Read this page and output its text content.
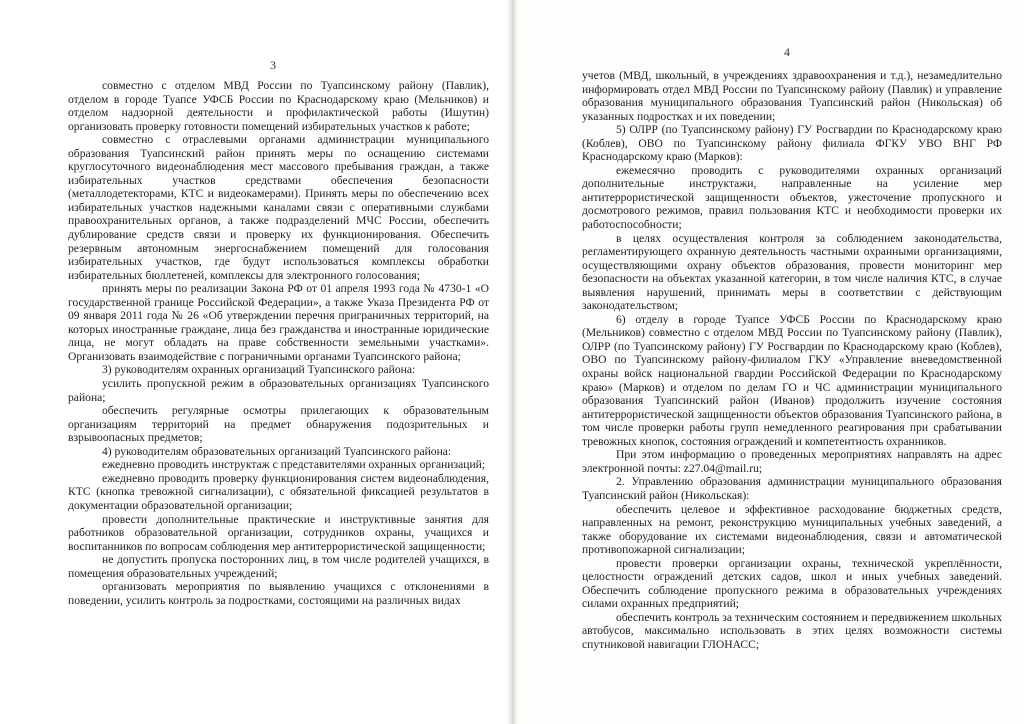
3

совместно с отделом МВД России по Туапсинскому району (Павлик), отделом в городе Туапсе УФСБ России по Краснодарскому краю (Мельников) и отделом надзорной деятельности и профилактической работы (Ишутин) организовать проверку готовности помещений избирательных участков к работе;

совместно с отраслевыми органами администрации муниципального образования Туапсинский район принять меры по оснащению системами круглосуточного видеонаблюдения мест массового пребывания граждан, а также избирательных участков средствами обеспечения безопасности (металлодетекторами, КТС и видеокамерами). Принять меры по обеспечению всех избирательных участков надежными каналами связи с оперативными службами правоохранительных органов, а также подразделений МЧС России, обеспечить дублирование средств связи и проверку их функционирования. Обеспечить резервным автономным энергоснабжением помещений для голосования избирательных участков, где будут использоваться комплексы обработки избирательных бюллетеней, комплексы для электронного голосования;

принять меры по реализации Закона РФ от 01 апреля 1993 года № 4730-1 «О государственной границе Российской Федерации», а также Указа Президента РФ от 09 января 2011 года № 26 «Об утверждении перечня приграничных территорий, на которых иностранные граждане, лица без гражданства и иностранные юридические лица, не могут обладать на праве собственности земельными участками». Организовать взаимодействие с пограничными органами Туапсинского района;

3) руководителям охранных организаций Туапсинского района:

усилить пропускной режим в образовательных организациях Туапсинского района;

обеспечить регулярные осмотры прилегающих к образовательным организациям территорий на предмет обнаружения подозрительных и взрывоопасных предметов;

4) руководителям образовательных организаций Туапсинского района:

ежедневно проводить инструктаж с представителями охранных организаций;

ежедневно проводить проверку функционирования систем видеонаблюдения, КТС (кнопка тревожной сигнализации), с обязательной фиксацией результатов в документации образовательной организации;

провести дополнительные практические и инструктивные занятия для работников образовательной организации, сотрудников охраны, учащихся и воспитанников по вопросам соблюдения мер антитеррористической защищенности;

не допустить пропуска посторонних лиц, в том числе родителей учащихся, в помещения образовательных учреждений;

организовать мероприятия по выявлению учащихся с отклонениями в поведении, усилить контроль за подростками, состоящими на различных видах

4

учетов (МВД, школьный, в учреждениях здравоохранения и т.д.), незамедлительно информировать отдел МВД России по Туапсинскому району (Павлик) и управление образования муниципального образования Туапсинский район (Никольская) об указанных подростках и их поведении;

5) ОЛРР (по Туапсинскому району) ГУ Росгвардии по Краснодарскому краю (Коблев), ОВО по Туапсинскому району филиала ФГКУ УВО ВНГ РФ Краснодарскому краю (Марков):

ежемесячно проводить с руководителями охранных организаций дополнительные инструктажи, направленные на усиление мер антитеррористической защищенности объектов, ужесточение пропускного и досмотрового режимов, правил пользования КТС и необходимости проверки их работоспособности;

в целях осуществления контроля за соблюдением законодательства, регламентирующего охранную деятельность частными охранными организациями, осуществляющими охрану объектов образования, провести мониторинг мер безопасности на объектах указанной категории, в том числе наличия КТС, в случае выявления нарушений, принимать меры в соответствии с действующим законодательством;

6) отделу в городе Туапсе УФСБ России по Краснодарскому краю (Мельников) совместно с отделом МВД России по Туапсинскому району (Павлик), ОЛРР (по Туапсинскому району) ГУ Росгвардии по Краснодарскому краю (Коблев), ОВО по Туапсинскому району-филиалом ГКУ «Управление вневедомственной охраны войск национальной гвардии Российской Федерации по Краснодарскому краю» (Марков) и отделом по делам ГО и ЧС администрации муниципального образования Туапсинский район (Иванов) продолжить изучение состояния антитеррористической защищенности объектов образования Туапсинского района, в том числе проверки работы групп немедленного реагирования при срабатывании тревожных кнопок, состояния ограждений и компетентность охранников.

При этом информацию о проведенных мероприятиях направлять на адрес электронной почты: z27.04@mail.ru;

2. Управлению образования администрации муниципального образования Туапсинский район (Никольская):

обеспечить целевое и эффективное расходование бюджетных средств, направленных на ремонт, реконструкцию муниципальных учебных заведений, а также оборудование их системами видеонаблюдения, связи и автоматической противопожарной сигнализации;

провести проверки организации охраны, технической укреплённости, целостности ограждений детских садов, школ и иных учебных заведений. Обеспечить соблюдение пропускного режима в образовательных учреждениях силами охранных предприятий;

обеспечить контроль за техническим состоянием и передвижением школьных автобусов, максимально использовать в этих целях возможности системы спутниковой навигации ГЛОНАСС;
